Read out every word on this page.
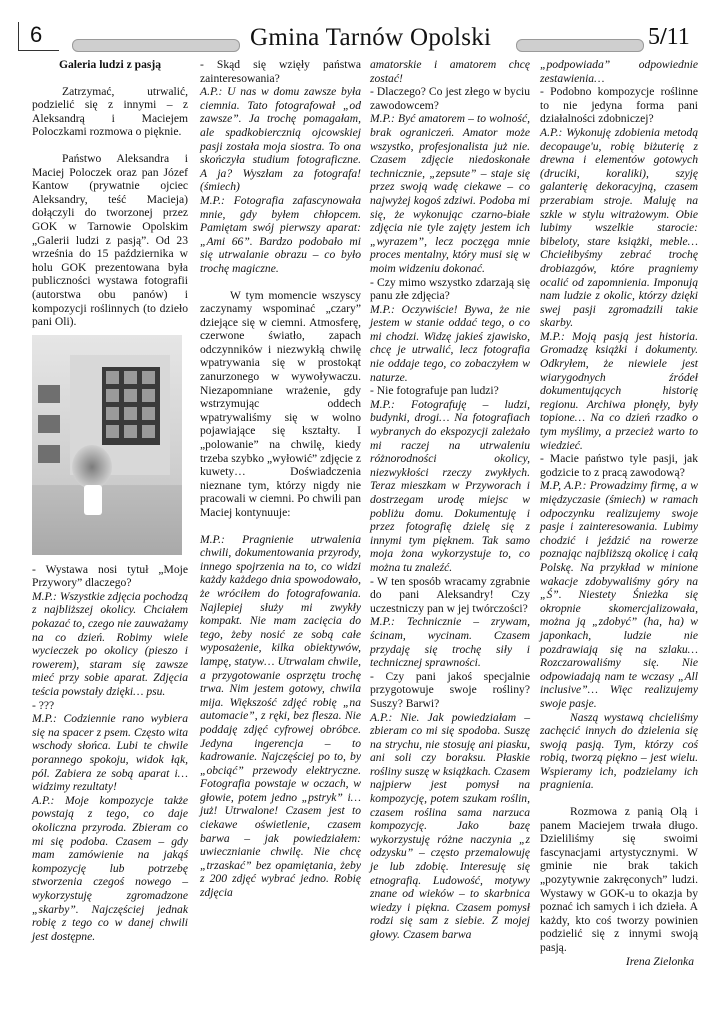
6	Gmina Tarnów Opolski	5/11

Galeria ludzi z pasją

Zatrzymać, utrwalić, podzielić się z innymi – z Aleksandrą i Maciejem Poloczkami rozmowa o pięknie.

Państwo Aleksandra i Maciej Poloczek oraz pan Józef Kantow (prywatnie ojciec Aleksandry, teść Macieja) dołączyli do tworzonej przez GOK w Tarnowie Opolskim „Galerii ludzi z pasją”. Od 23 września do 15 października w holu GOK prezentowana była publiczności wystawa fotografii (autorstwa obu panów) i kompozycji roślinnych (to dzieło pani Oli).

- Wystawa nosi tytuł „Moje Przywory” dlaczego?

M.P.: Wszystkie zdjęcia pochodzą z najbliższej okolicy. Chciałem pokazać to, czego nie zauważamy na co dzień. Robimy wiele wycieczek po okolicy (pieszo i rowerem), staram się zawsze mieć przy sobie aparat. Zdjęcia teścia powstały dzięki… psu.

- ???

M.P.: Codziennie rano wybiera się na spacer z psem. Często wita wschody słońca. Lubi te chwile porannego spokoju, widok łąk, pól. Zabiera ze sobą aparat i… widzimy rezultaty!

A.P.: Moje kompozycje także powstają z tego, co daje okoliczna przyroda. Zbieram co mi się podoba. Czasem – gdy mam zamówienie na jakąś kompozycję lub potrzebę stworzenia czegoś nowego – wykorzystuję zgromadzone „skarby”. Najczęściej jednak robię z tego co w danej chwili jest dostępne.

- Skąd się wzięły państwa zainteresowania?

A.P.: U nas w domu zawsze była ciemnia. Tato fotografował „od zawsze”. Ja trochę pomagałam, ale spadkobiercznią ojcowskiej pasji została moja siostra. To ona skończyła studium fotograficzne. A ja? Wyszłam za fotografa! (śmiech)

M.P.: Fotografia zafascynowała mnie, gdy byłem chłopcem. Pamiętam swój pierwszy aparat: „Ami 66”. Bardzo podobało mi się utrwalanie obrazu – co było trochę magiczne.

W tym momencie wszyscy zaczynamy wspominać „czary” dziejące się w ciemni. Atmosferę, czerwone światło, zapach odczynników i niezwykłą chwilę wpatrywania się w prostokąt zanurzonego w wywoływaczu. Niezapomniane wrażenie, gdy wstrzymując oddech wpatrywaliśmy się w wolno pojawiające się kształty. I „polowanie” na chwilę, kiedy trzeba szybko „wyłowić” zdjęcie z kuwety… Doświadczenia nieznane tym, którzy nigdy nie pracowali w ciemni. Po chwili pan Maciej kontynuuje:

M.P.: Pragnienie utrwalenia chwili, dokumentowania przyrody, innego spojrzenia na to, co widzi każdy każdego dnia spowodowało, że wróciłem do fotografowania. Najlepiej służy mi zwykły kompakt. Nie mam zacięcia do tego, żeby nosić ze sobą całe wyposażenie, kilka obiektywów, lampę, statyw… Utrwalam chwile, a przygotowanie osprzętu trochę trwa. Nim jestem gotowy, chwila mija. Większość zdjęć robię „na automacie”, z ręki, bez flesza. Nie poddaję zdjęć cyfrowej obróbce. Jedyna ingerencja – to kadrowanie. Najczęściej po to, by „obciąć” przewody elektryczne. Fotografia powstaje w oczach, w głowie, potem jedno „pstryk” i… już! Utrwalone! Czasem jest to ciekawe oświetlenie, czasem barwa – jak powiedziałem: uwiecznianie chwilę. Nie chcę „trzaskać” bez opamiętania, żeby z 200 zdjęć wybrać jedno. Robię zdjęcia

amatorskie i amatorem chcę zostać!

- Dlaczego? Co jest złego w byciu zawodowcem?

M.P.: Być amatorem – to wolność, brak ograniczeń. Amator może wszystko, profesjonalista już nie. Czasem zdjęcie niedoskonałe technicznie, „zepsute” – staje się przez swoją wadę ciekawe – co najwyżej kogoś zdziwi. Podoba mi się, że wykonując czarno-białe zdjęcia nie tyle zajęty jestem ich „wyrazem”, lecz poczęga mnie proces mentalny, który musi się w moim widzeniu dokonać.

- Czy mimo wszystko zdarzają się panu złe zdjęcia?

M.P.: Oczywiście! Bywa, że nie jestem w stanie oddać tego, o co mi chodzi. Widzę jakieś zjawisko, chcę je utrwalić, lecz fotografia nie oddaje tego, co zobaczyłem w naturze.

- Nie fotografuje pan ludzi?

M.P.: Fotografuję – ludzi, budynki, drogi… Na fotografiach wybranych do ekspozycji zależało mi raczej na utrwaleniu różnorodności okolicy, niezwykłości rzeczy zwykłych. Teraz mieszkam w Przyworach i dostrzegam urodę miejsc w pobliżu domu. Dokumentuję i przez fotografię dzielę się z innymi tym pięknem. Tak samo moja żona wykorzystuje to, co można tu znaleźć.

- W ten sposób wracamy zgrabnie do pani Aleksandry! Czy uczestniczy pan w jej twórczości?

M.P.: Technicznie – zrywam, ścinam, wycinam. Czasem przydaję się trochę siły i technicznej sprawności.

- Czy pani jakoś specjalnie przygotowuje swoje rośliny? Suszy? Barwi?

A.P.: Nie. Jak powiedziałam – zbieram co mi się spodoba. Suszę na strychu, nie stosuję ani piasku, ani soli czy boraksu. Płaskie rośliny suszę w książkach. Czasem najpierw jest pomysł na kompozycję, potem szukam roślin, czasem roślina sama narzuca kompozycję. Jako bazę wykorzystuję różne naczynia „z odzysku” – często przemalowuję je lub zdobię. Interesuję się etnografią. Ludowość, motywy znane od wieków – to skarbnica wiedzy i piękna. Czasem pomysł rodzi się sam z siebie. Z mojej głowy. Czasem barwa

„podpowiada” odpowiednie zestawienia…

- Podobno kompozycje roślinne to nie jedyna forma pani działalności zdobniczej?

A.P.: Wykonuję zdobienia metodą decopauge'u, robię biżuterię z drewna i elementów gotowych (druciki, koraliki), szyję galanterię dekoracyjną, czasem przerabiam stroje. Maluję na szkle w stylu witrażowym. Obie lubimy wszelkie starocie: bibeloty, stare książki, meble… Chciełibyśmy zebrać trochę drobiazgów, które pragniemy ocalić od zapomnienia. Imponują nam ludzie z okolic, którzy dzięki swej pasji zgromadzili takie skarby.

M.P.: Moją pasją jest historia. Gromadzę książki i dokumenty. Odkryłem, że niewiele jest wiarygodnych źródeł dokumentujących historię regionu. Archiwa płonęły, były topione… Na co dzień rzadko o tym myślimy, a przecież warto to wiedzieć.

- Macie państwo tyle pasji, jak godzicie to z pracą zawodową?

M.P, A.P.: Prowadzimy firmę, a w międzyczasie (śmiech) w ramach odpoczynku realizujemy swoje pasje i zainteresowania. Lubimy chodzić i jeździć na rowerze poznając najbliższą okolicę i całą Polskę. Na przykład w minione wakacje zdobywaliśmy góry na „Ś”. Niestety Śnieżka się okropnie skomercjalizowała, można ją „zdobyć” (ha, ha) w japonkach, ludzie nie pozdrawiają się na szlaku… Rozczarowaliśmy się. Nie odpowiadają nam te wczasy „All inclusive”… Więc realizujemy swoje pasje.

Naszą wystawą chcieliśmy zachęcić innych do dzielenia się swoją pasją. Tym, którzy coś robią, tworzą piękno – jest wielu. Wspieramy ich, podzielamy ich pragnienia.

Rozmowa z panią Olą i panem Maciejem trwała długo. Dzieliliśmy się swoimi fascynacjami artystycznymi. W gminie nie brak takich „pozytywnie zakręconych” ludzi. Wystawy w GOK-u to okazja by poznać ich samych i ich dzieła. A każdy, kto coś tworzy powinien podzielić się z innymi swoją pasją.

Irena Zielonka
